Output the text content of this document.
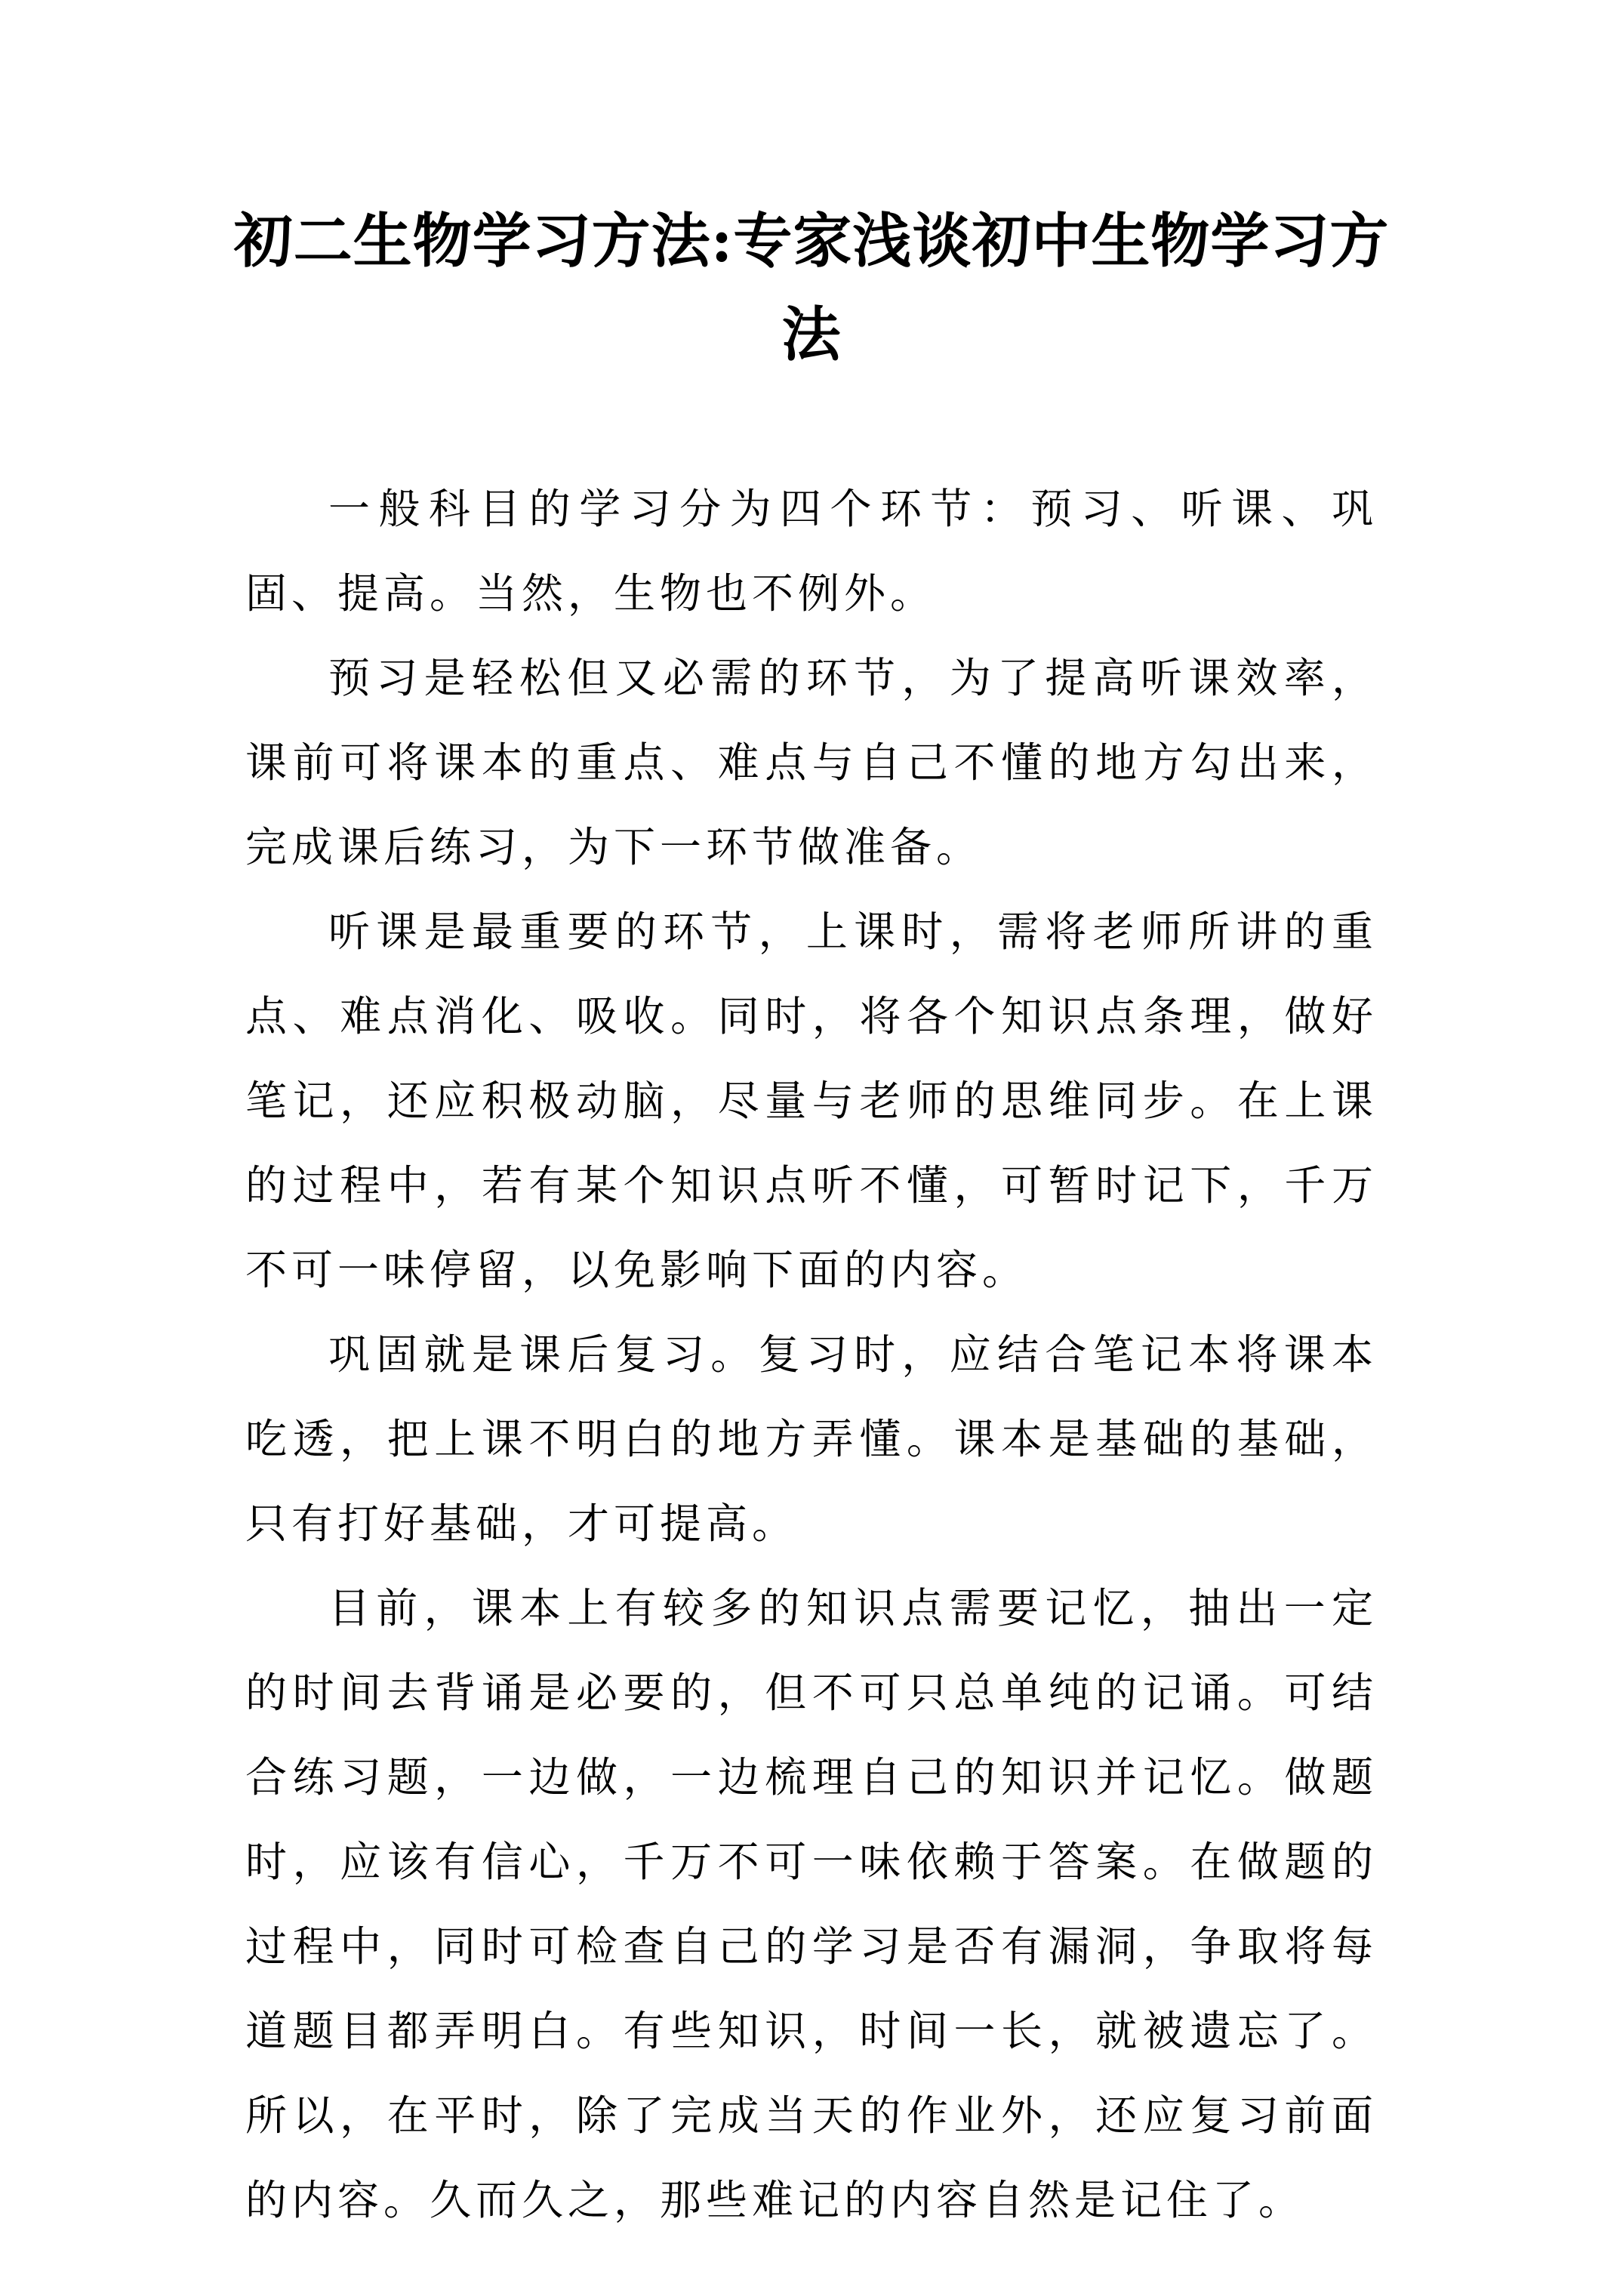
初二生物学习方法:专家浅谈初中生物学习方法

一般科目的学习分为四个环节：预习、听课、巩固、提高。当然，生物也不例外。

预习是轻松但又必需的环节，为了提高听课效率，课前可将课本的重点、难点与自己不懂的地方勾出来，完成课后练习，为下一环节做准备。

听课是最重要的环节，上课时，需将老师所讲的重点、难点消化、吸收。同时，将各个知识点条理，做好笔记，还应积极动脑，尽量与老师的思维同步。在上课的过程中，若有某个知识点听不懂，可暂时记下，千万不可一味停留，以免影响下面的内容。

巩固就是课后复习。复习时，应结合笔记本将课本吃透，把上课不明白的地方弄懂。课本是基础的基础，只有打好基础，才可提高。

目前，课本上有较多的知识点需要记忆，抽出一定的时间去背诵是必要的，但不可只总单纯的记诵。可结合练习题，一边做，一边梳理自己的知识并记忆。做题时，应该有信心，千万不可一味依赖于答案。在做题的过程中，同时可检查自己的学习是否有漏洞，争取将每道题目都弄明白。有些知识，时间一长，就被遗忘了。所以，在平时，除了完成当天的作业外，还应复习前面的内容。久而久之，那些难记的内容自然是记住了。
